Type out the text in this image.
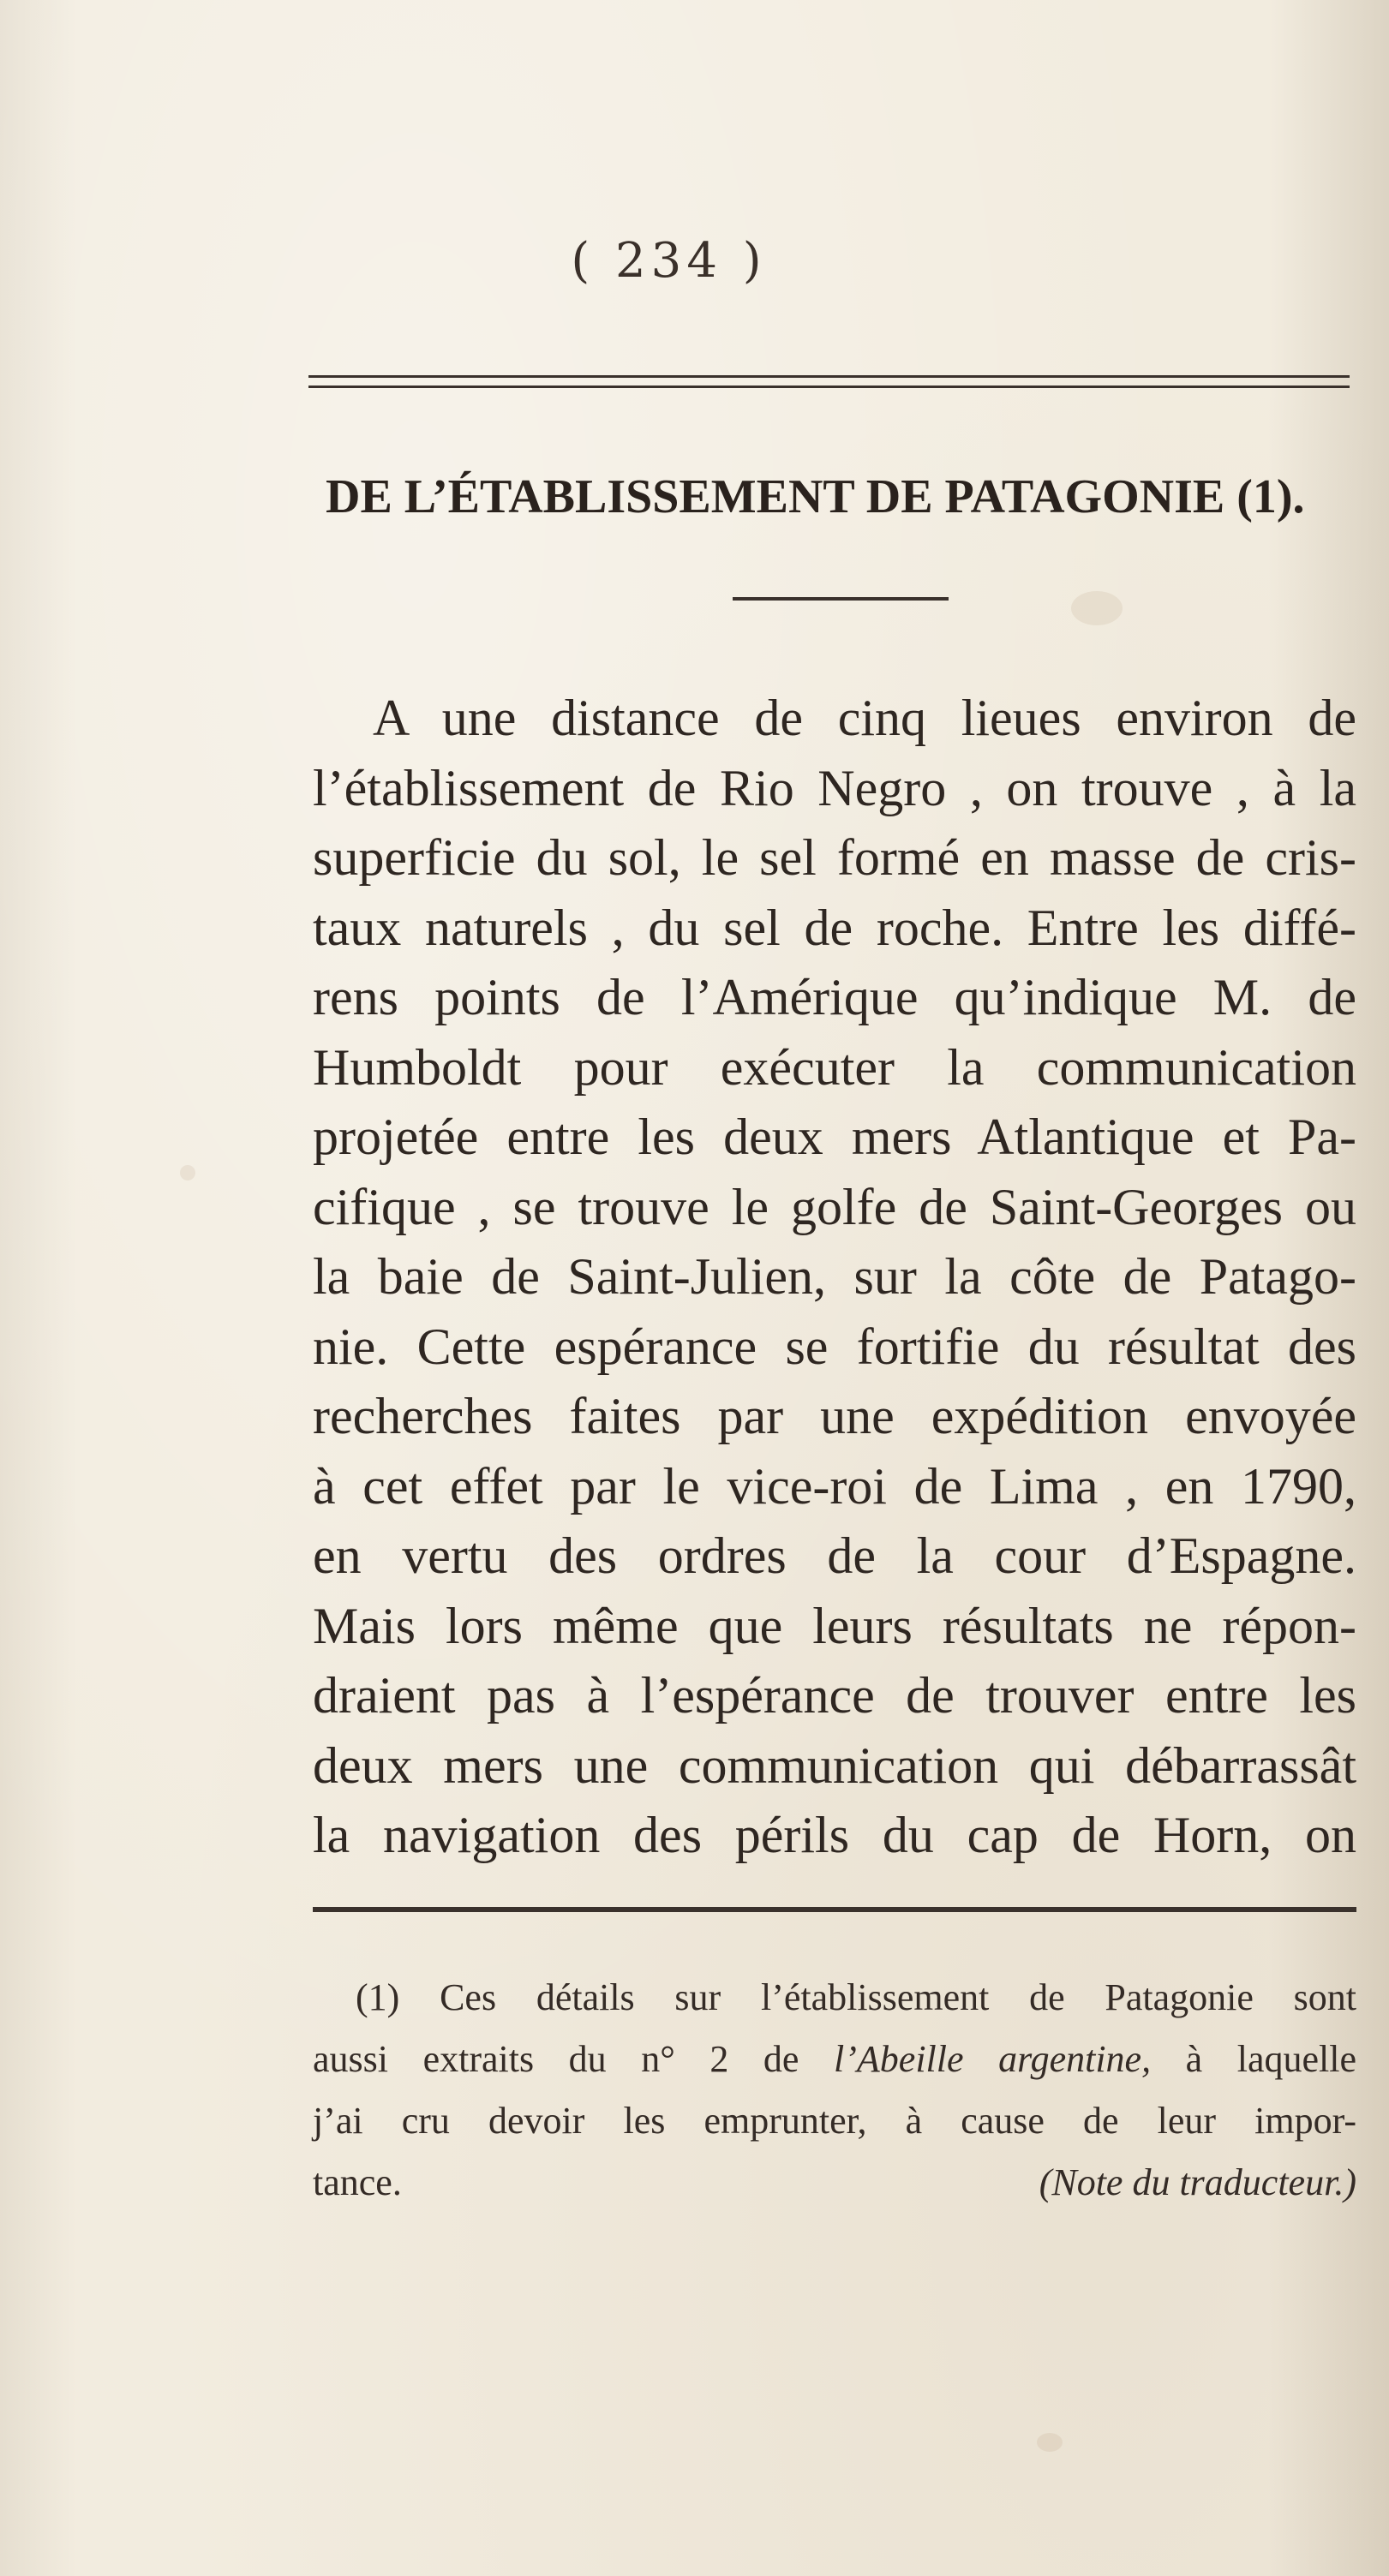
( 234 )
DE L’ÉTABLISSEMENT DE PATAGONIE (1).
A une distance de cinq lieues environ de
l’établissement de Rio Negro , on trouve , à la
superficie du sol, le sel formé en masse de cris-
taux naturels , du sel de roche. Entre les diffé-
rens points de l’Amérique qu’indique M. de
Humboldt pour exécuter la communication
projetée entre les deux mers Atlantique et Pa-
cifique , se trouve le golfe de Saint-Georges ou
la baie de Saint-Julien, sur la côte de Patago-
nie. Cette espérance se fortifie du résultat des
recherches faites par une expédition envoyée
à cet effet par le vice-roi de Lima , en 1790,
en vertu des ordres de la cour d’Espagne.
Mais lors même que leurs résultats ne répon-
draient pas à l’espérance de trouver entre les
deux mers une communication qui débarrassât
la navigation des périls du cap de Horn, on
(1) Ces détails sur l’établissement de Patagonie sont
aussi extraits du n° 2 de l’Abeille argentine, à laquelle
j’ai cru devoir les emprunter, à cause de leur impor-
tance.	(Note du traducteur.)
